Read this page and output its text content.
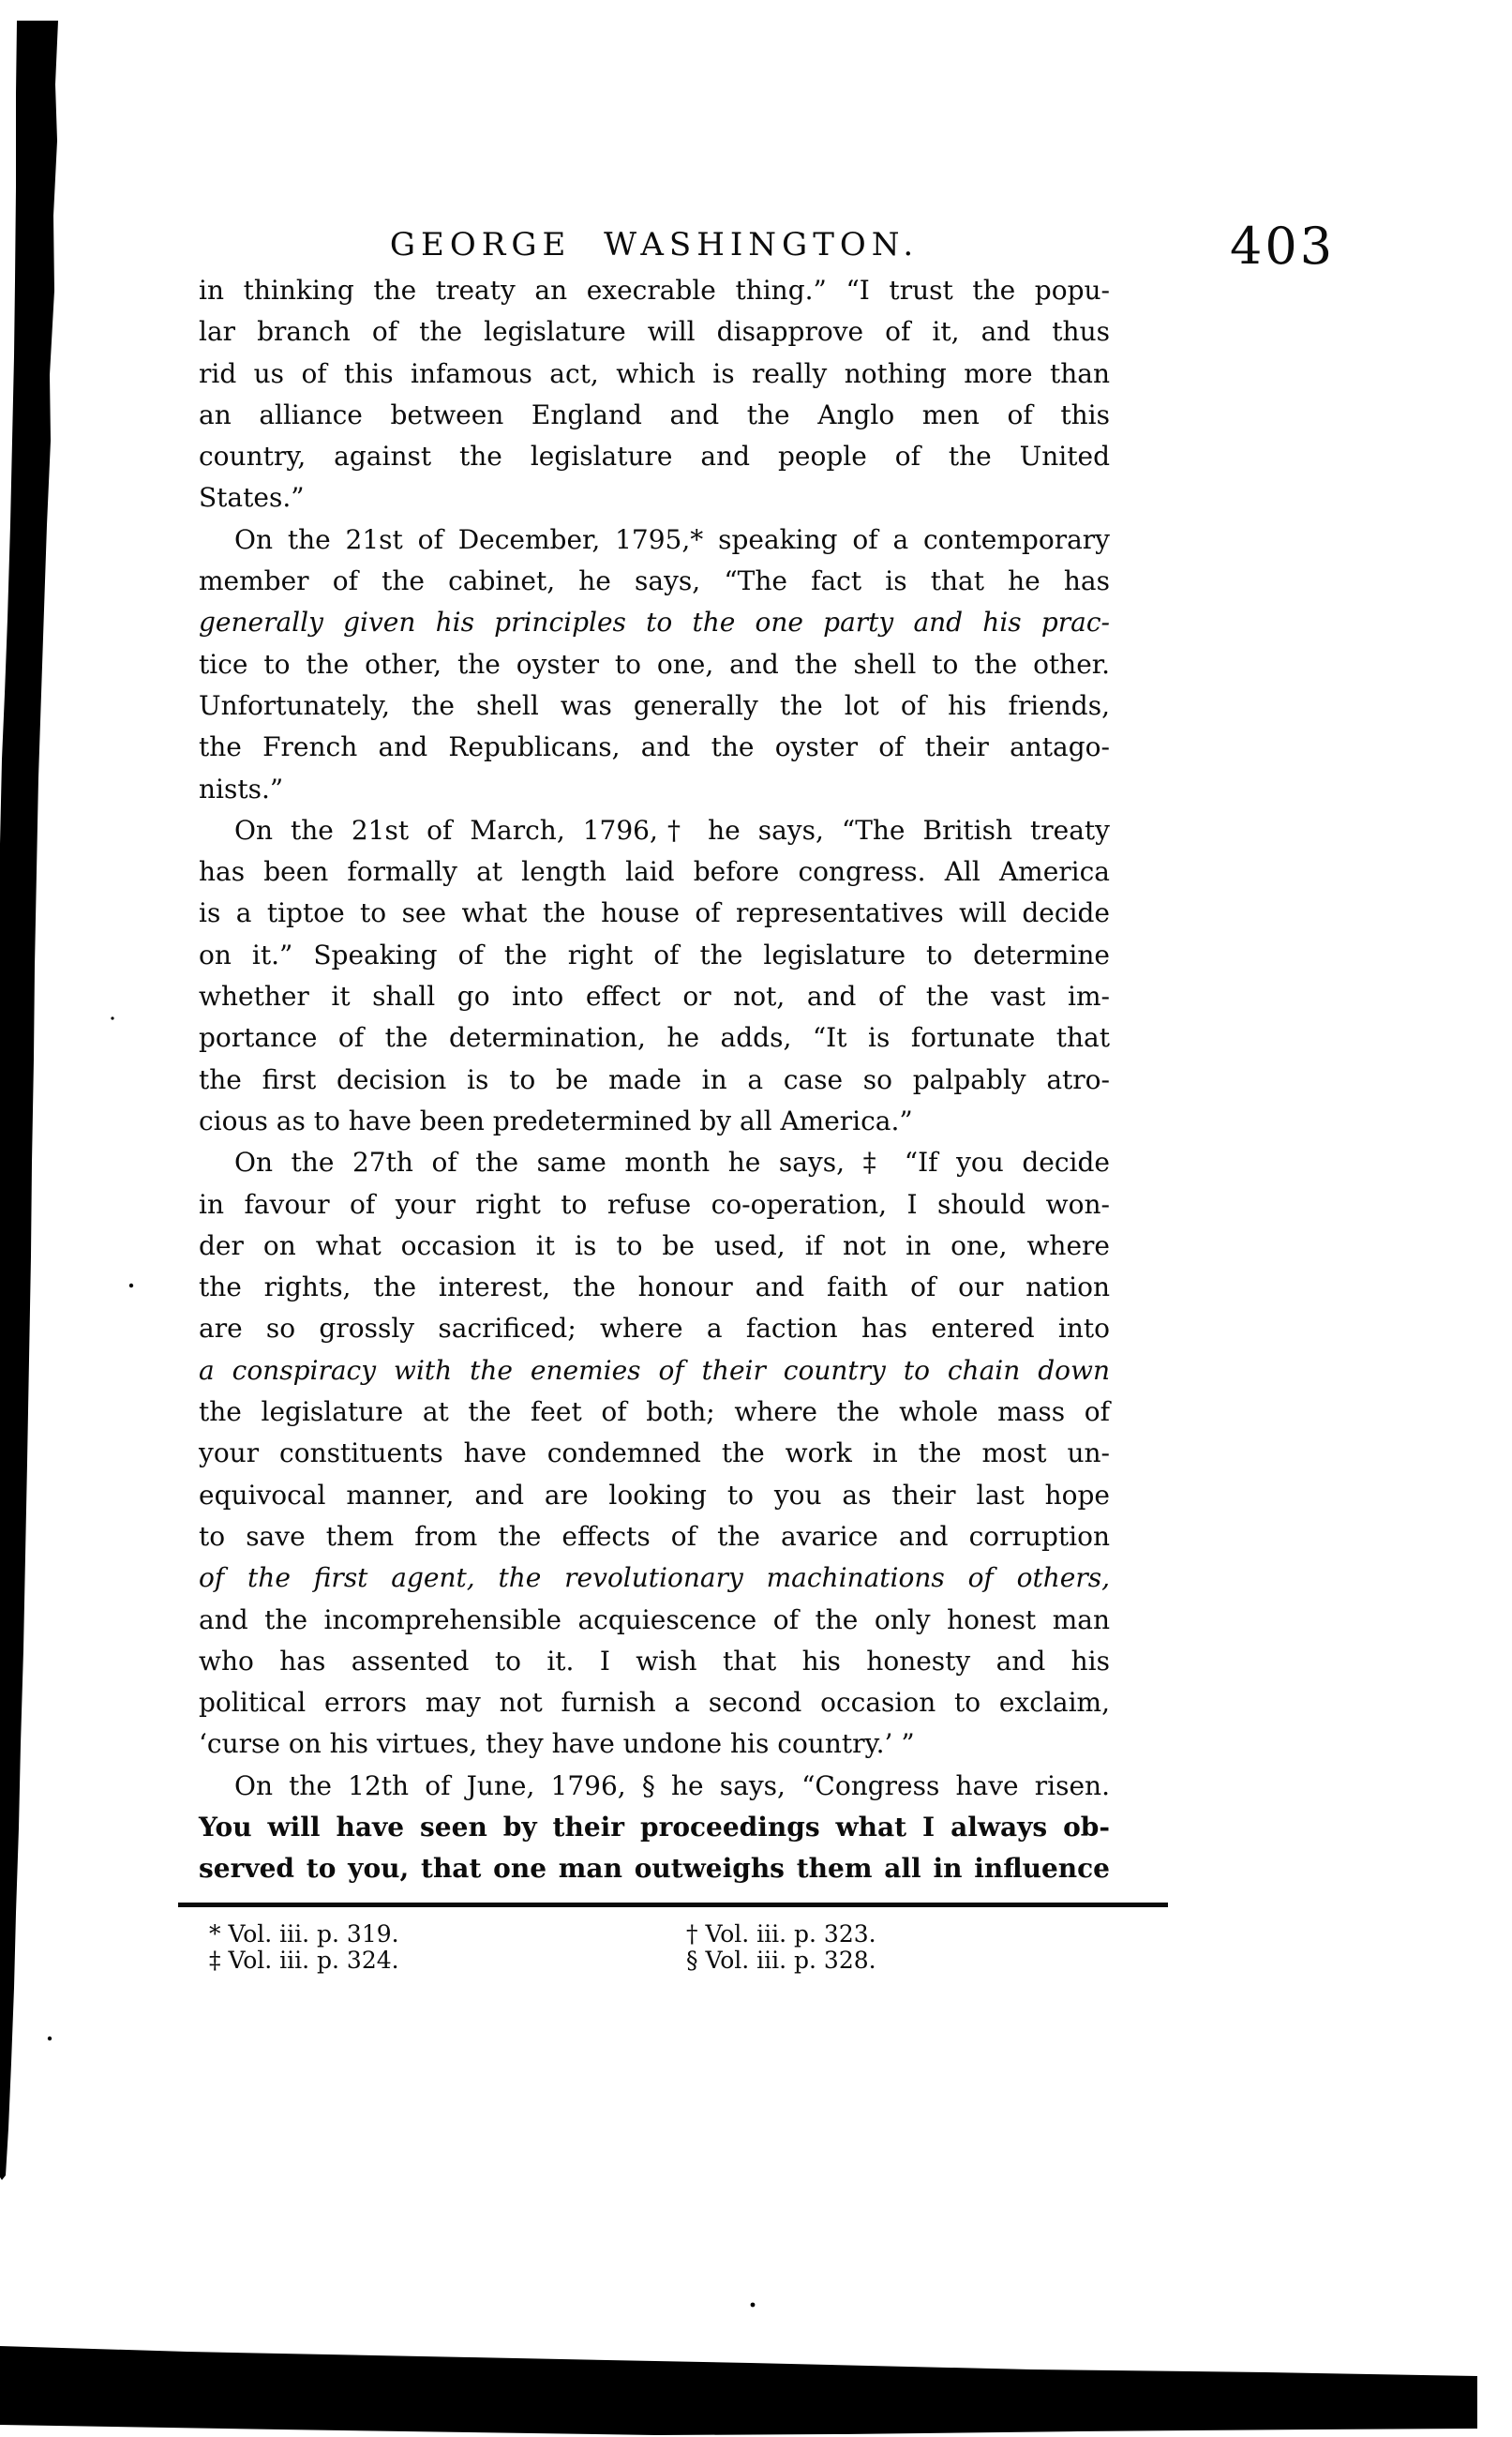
GEORGE WASHINGTON.	403
in thinking the treaty an execrable thing.” “I trust the popu-
lar branch of the legislature will disapprove of it, and thus
rid us of this infamous act, which is really nothing more than
an alliance between England and the Anglo men of this
country, against the legislature and people of the United
States.”
On the 21st of December, 1795,* speaking of a contemporary
member of the cabinet, he says, “The fact is that he has
generally given his principles to the one party and his prac-
tice to the other, the oyster to one, and the shell to the other.
Unfortunately, the shell was generally the lot of his friends,
the French and Republicans, and the oyster of their antago-
nists.”
On the 21st of March, 1796,† he says, “The British treaty
has been formally at length laid before congress. All America
is a tiptoe to see what the house of representatives will decide
on it.” Speaking of the right of the legislature to determine
whether it shall go into effect or not, and of the vast im-
portance of the determination, he adds, “It is fortunate that
the first decision is to be made in a case so palpably atro-
cious as to have been predetermined by all America.”
On the 27th of the same month he says, ‡ “If you decide
in favour of your right to refuse co-operation, I should won-
der on what occasion it is to be used, if not in one, where
the rights, the interest, the honour and faith of our nation
are so grossly sacrificed; where a faction has entered into
a conspiracy with the enemies of their country to chain down
the legislature at the feet of both; where the whole mass of
your constituents have condemned the work in the most un-
equivocal manner, and are looking to you as their last hope
to save them from the effects of the avarice and corruption
of the first agent, the revolutionary machinations of others,
and the incomprehensible acquiescence of the only honest man
who has assented to it. I wish that his honesty and his
political errors may not furnish a second occasion to exclaim,
‘curse on his virtues, they have undone his country.’ ”
On the 12th of June, 1796, § he says, “Congress have risen.
You will have seen by their proceedings what I always ob-
served to you, that one man outweighs them all in influence
* Vol. iii. p. 319.
‡ Vol. iii. p. 324.
† Vol. iii. p. 323.
§ Vol. iii. p. 328.
